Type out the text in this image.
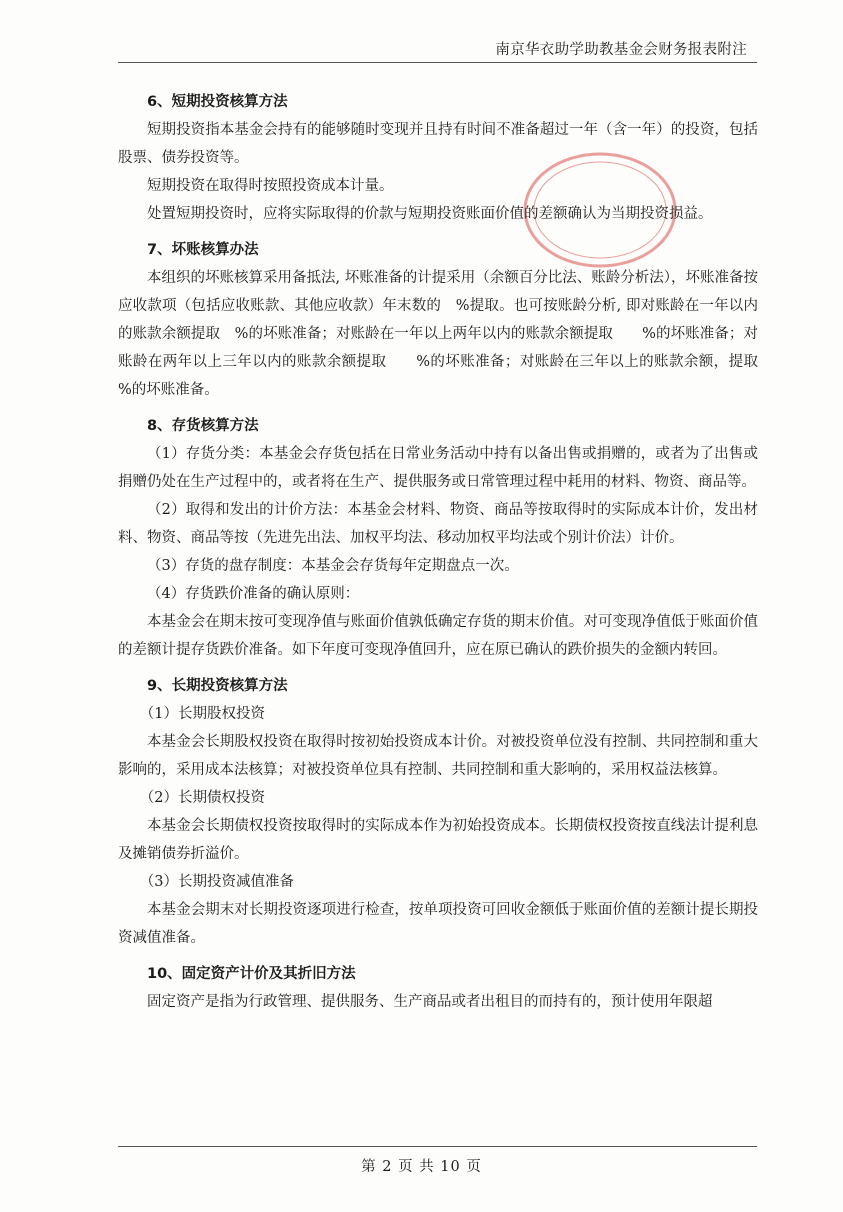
南京华衣助学助教基金会财务报表附注
6、短期投资核算方法

短期投资指本基金会持有的能够随时变现并且持有时间不准备超过一年（含一年）的投资，包括股票、债券投资等。

短期投资在取得时按照投资成本计量。

处置短期投资时，应将实际取得的价款与短期投资账面价值的差额确认为当期投资损益。

7、坏账核算办法

本组织的坏账核算采用备抵法, 坏账准备的计提采用（余额百分比法、账龄分析法），坏账准备按应收款项（包括应收账款、其他应收款）年末数的　%提取。也可按账龄分析, 即对账龄在一年以内的账款余额提取　%的坏账准备；对账龄在一年以上两年以内的账款余额提取　　%的坏账准备；对账龄在两年以上三年以内的账款余额提取　　%的坏账准备；对账龄在三年以上的账款余额，提取　　%的坏账准备。

8、存货核算方法

（1）存货分类：本基金会存货包括在日常业务活动中持有以备出售或捐赠的，或者为了出售或捐赠仍处在生产过程中的，或者将在生产、提供服务或日常管理过程中耗用的材料、物资、商品等。

（2）取得和发出的计价方法：本基金会材料、物资、商品等按取得时的实际成本计价，发出材料、物资、商品等按（先进先出法、加权平均法、移动加权平均法或个别计价法）计价。

（3）存货的盘存制度：本基金会存货每年定期盘点一次。

（4）存货跌价准备的确认原则：

本基金会在期末按可变现净值与账面价值孰低确定存货的期末价值。对可变现净值低于账面价值的差额计提存货跌价准备。如下年度可变现净值回升，应在原已确认的跌价损失的金额内转回。

9、长期投资核算方法

（1）长期股权投资

本基金会长期股权投资在取得时按初始投资成本计价。对被投资单位没有控制、共同控制和重大影响的，采用成本法核算；对被投资单位具有控制、共同控制和重大影响的，采用权益法核算。

（2）长期债权投资

本基金会长期债权投资按取得时的实际成本作为初始投资成本。长期债权投资按直线法计提利息及摊销债券折溢价。

（3）长期投资减值准备

本基金会期末对长期投资逐项进行检查，按单项投资可回收金额低于账面价值的差额计提长期投资减值准备。

10、固定资产计价及其折旧方法

固定资产是指为行政管理、提供服务、生产商品或者出租目的而持有的，预计使用年限超

第 2 页 共 10 页
